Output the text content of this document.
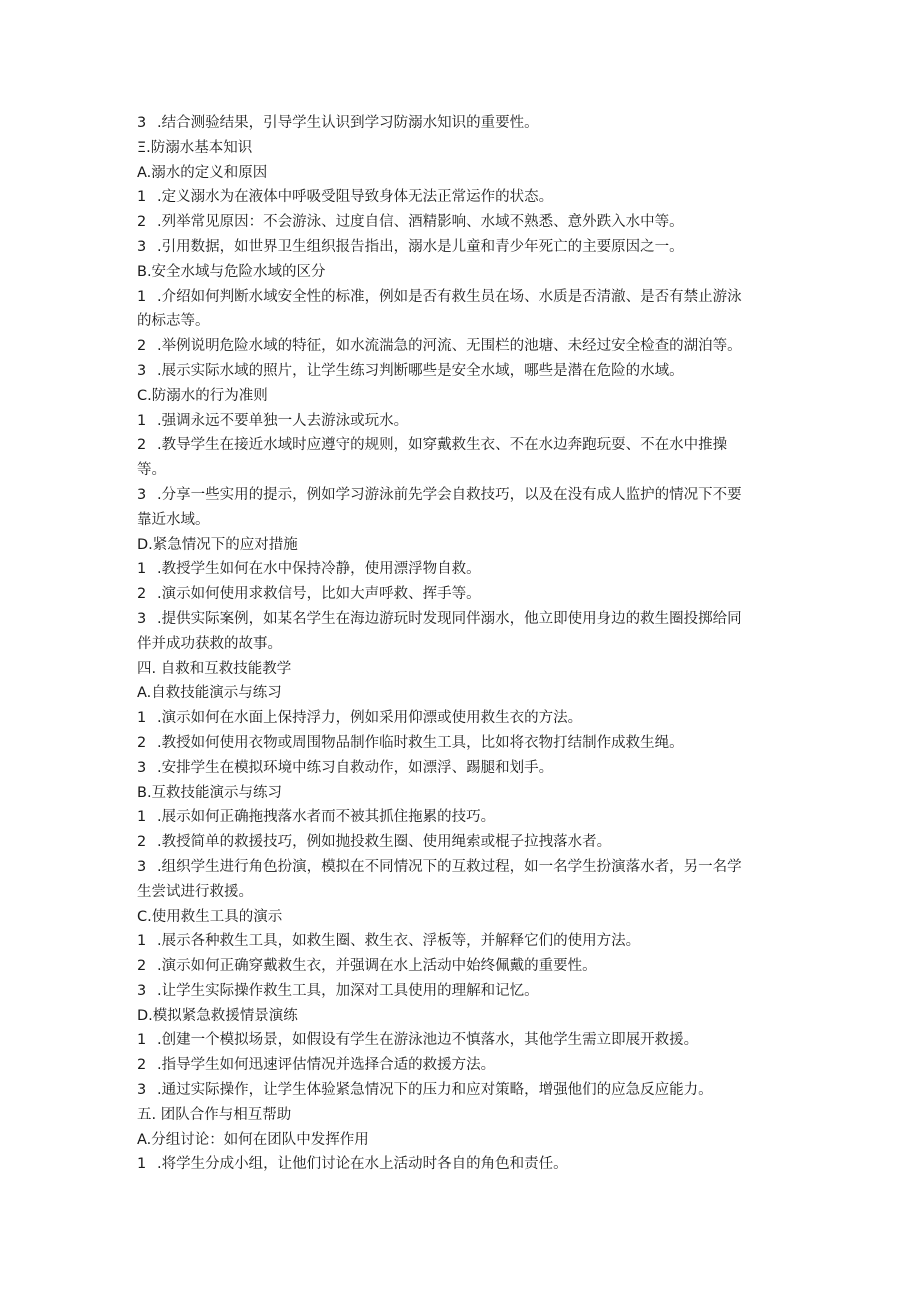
3 .结合测验结果，引导学生认识到学习防溺水知识的重要性。
Ξ.防溺水基本知识
A.溺水的定义和原因
1 .定义溺水为在液体中呼吸受阻导致身体无法正常运作的状态。
2 .列举常见原因：不会游泳、过度自信、酒精影响、水域不熟悉、意外跌入水中等。
3 .引用数据，如世界卫生组织报告指出，溺水是儿童和青少年死亡的主要原因之一。
B.安全水域与危险水域的区分
1 .介绍如何判断水域安全性的标准，例如是否有救生员在场、水质是否清澈、是否有禁止游泳
的标志等。
2 .举例说明危险水域的特征，如水流湍急的河流、无围栏的池塘、未经过安全检查的湖泊等。
3 .展示实际水域的照片，让学生练习判断哪些是安全水域，哪些是潜在危险的水域。
C.防溺水的行为准则
1 .强调永远不要单独一人去游泳或玩水。
2 .教导学生在接近水域时应遵守的规则，如穿戴救生衣、不在水边奔跑玩耍、不在水中推操
等。
3 .分享一些实用的提示，例如学习游泳前先学会自救技巧，以及在没有成人监护的情况下不要
靠近水域。
D.紧急情况下的应对措施
1 .教授学生如何在水中保持冷静，使用漂浮物自救。
2 .演示如何使用求救信号，比如大声呼救、挥手等。
3 .提供实际案例，如某名学生在海边游玩时发现同伴溺水，他立即使用身边的救生圈投掷给同
伴并成功获救的故事。
四. 自救和互救技能教学
A.自救技能演示与练习
1 .演示如何在水面上保持浮力，例如采用仰漂或使用救生衣的方法。
2 .教授如何使用衣物或周围物品制作临时救生工具，比如将衣物打结制作成救生绳。
3 .安排学生在模拟环境中练习自救动作，如漂浮、踢腿和划手。
B.互救技能演示与练习
1 .展示如何正确拖拽落水者而不被其抓住拖累的技巧。
2 .教授简单的救援技巧，例如抛投救生圈、使用绳索或棍子拉拽落水者。
3 .组织学生进行角色扮演，模拟在不同情况下的互救过程，如一名学生扮演落水者，另一名学
生尝试进行救援。
C.使用救生工具的演示
1 .展示各种救生工具，如救生圈、救生衣、浮板等，并解释它们的使用方法。
2 .演示如何正确穿戴救生衣，并强调在水上活动中始终佩戴的重要性。
3 .让学生实际操作救生工具，加深对工具使用的理解和记忆。
D.模拟紧急救援情景演练
1 .创建一个模拟场景，如假设有学生在游泳池边不慎落水，其他学生需立即展开救援。
2 .指导学生如何迅速评估情况并选择合适的救援方法。
3 .通过实际操作，让学生体验紧急情况下的压力和应对策略，增强他们的应急反应能力。
五. 团队合作与相互帮助
A.分组讨论：如何在团队中发挥作用
1 .将学生分成小组，让他们讨论在水上活动时各自的角色和责任。
